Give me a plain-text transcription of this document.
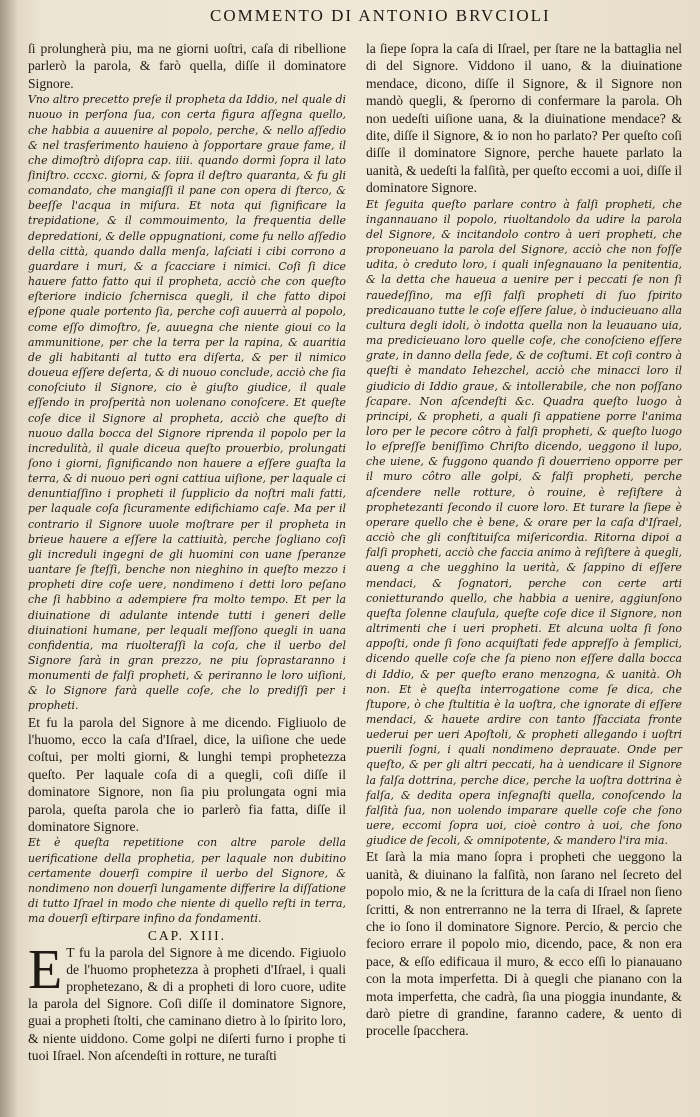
COMMENTO DI ANTONIO BRVCIOLI

ſi prolungherà piu, ma ne giorni uoſtri, caſa di ribellione parlerò la parola, & farò quella, diſſe il dominatore Signore.

Vno altro precetto preſe il propheta da Iddio, nel quale di nuouo in perſona ſua, con certa figura aſſegna quello, che habbia a auuenire al popolo, perche, & nello aſſedio & nel trasferimento hauieno à ſopportare graue fame, il che dimoſtrò diſopra cap. iiii. quando dormì ſopra il lato ſiniſtro. cccxc. giorni, & ſopra il deſtro quaranta, & fu gli comandato, che mangiaſſi il pane con opera di ſterco, & beeſſe l'acqua in miſura. Et nota qui ſignificare la trepidatione, & il commouimento, la frequentia delle depredationi, & delle oppugnationi, come fu nello aſſedio della città, quando dalla menſa, laſciati i cibi corrono a guardare i muri, & a ſcacciare i nimici. Coſi ſi dice hauere fatto fatto qui il propheta, acciò che con queſto eſteriore indicio ſchernisca quegli, il che fatto dipoi eſpone quale portento ſia, perche coſi auuerrà al popolo, come eſſo dimoſtro, ſe, auuegna che niente gioui co la ammunitione, per che la terra per la rapina, & auaritia de gli habitanti al tutto era diſerta, & per il nimico doueua eſſere deſerta, & di nuouo conclude, acciò che ſia conoſciuto il Signore, cio è giuſto giudice, il quale eſſendo in proſperità non uolenano conoſcere. Et queſte coſe dice il Signore al propheta, acciò che queſto di nuouo dalla bocca del Signore riprenda il popolo per la incredulità, il quale diceua queſto prouerbio, prolungati ſono i giorni, ſignificando non hauere a eſſere guaſta la terra, & di nuouo peri ogni cattiua uiſione, per laquale ci denuntiaſſino i propheti il ſupplicio da noſtri mali fatti, per laquale coſa ſicuramente edifichiamo caſe. Ma per il contrario il Signore uuole moſtrare per il propheta in brieue hauere a eſſere la cattiuità, perche ſogliano coſi gli increduli ingegni de gli huomini con uane ſperanze uantare ſe ſteſſi, benche non nieghino in queſto mezzo i propheti dire coſe uere, nondimeno i detti loro peſano che ſi habbino a adempiere fra molto tempo. Et per la diuinatione di adulante intende tutti i generi delle diuinationi humane, per lequali meſſono quegli in uana confidentia, ma riuolteraſſi la coſa, che il uerbo del Signore ſarà in gran prezzo, ne piu ſoprastaranno i monumenti de falſi propheti, & periranno le loro uiſioni, & lo Signore farà quelle coſe, che lo prediſſi per i propheti.

Et fu la parola del Signore à me dicendo. Figliuolo de l'huomo, ecco la caſa d'Iſrael, dice, la uiſione che uede coſtui, per molti giorni, & lunghi tempi prophetezza queſto. Per laquale coſa di a quegli, coſi diſſe il dominatore Signore, non ſia piu prolungata ogni mia parola, queſta parola che io parlerò fia fatta, diſſe il dominatore Signore.

Et è queſta repetitione con altre parole della uerificatione della prophetia, per laquale non dubitino certamente douerſi compire il uerbo del Signore, & nondimeno non douerſi lungamente differire la diſſatione di tutto Iſrael in modo che niente di quello reſti in terra, ma douerſi eſtirpare infino da fondamenti.

CAP. XIII.

E T fu la parola del Signore à me dicendo. Figiuolo de l'huomo prophetezza à propheti d'Iſrael, i quali prophetezano, & di a propheti di loro cuore, udite la parola del Signore. Coſi diſſe il dominatore Signore, guai a propheti ſtolti, che caminano dietro à lo ſpirito loro, & niente uiddono. Come golpi ne diſerti furno i prophe ti tuoi Iſrael. Non aſcendeſti in rotture, ne turaſti

la ſiepe ſopra la caſa di Iſrael, per ſtare ne la battaglia nel di del Signore. Viddono il uano, & la diuinatione mendace, dicono, diſſe il Signore, & il Signore non mandò quegli, & ſperorno di confermare la parola. Oh non uedeſti uiſione uana, & la diuinatione mendace? & dite, diſſe il Signore, & io non ho parlato? Per queſto coſi diſſe il dominatore Signore, perche hauete parlato la uanità, & uedeſti la falſità, per queſto eccomi a uoi, diſſe il dominatore Signore.

Et ſeguita queſto parlare contro à falſi propheti, che ingannauano il popolo, riuoltandolo da udire la parola del Signore, & incitandolo contro à ueri propheti, che proponeuano la parola del Signore, acciò che non foſſe udita, ò creduto loro, i quali inſegnauano la penitentia, & la detta che haueua a uenire per i peccati ſe non ſi rauedeſſino, ma eſſi falſi propheti di ſuo ſpirito predicauano tutte le coſe eſſere ſalue, ò inducieuano alla cultura degli idoli, ò indotta quella non la leuauano uia, ma predicieuano loro quelle coſe, che conoſcieno eſſere grate, in danno della ſede, & de coſtumi. Et coſi contro à queſti è mandato Iehezchel, acciò che minacci loro il giudicio di Iddio graue, & intollerabile, che non poſſano ſcapare. Non aſcendeſti &c. Quadra queſto luogo à principi, & propheti, a quali ſi appatiene porre l'anima loro per le pecore côtro à falſi propheti, & queſto luogo lo eſpreſſe beniſſimo Chriſto dicendo, ueggono il lupo, che uiene, & fuggono quando ſi douerrieno opporre per il muro côtro alle golpi, & falſi propheti, perche aſcendere nelle rotture, ò rouine, è reſiſtere à prophetezanti ſecondo il cuore loro. Et turare la ſiepe è operare quello che è bene, & orare per la caſa d'Iſrael, acciò che gli conſtituiſca miſericordia. Ritorna dipoi a falſi propheti, acciò che faccia animo à reſiſtere à quegli, aueng a che uegghino la uerità, & ſappino di eſſere mendaci, & ſognatori, perche con certe arti conietturando quello, che habbia a uenire, aggiunſono queſta ſolenne clauſula, queſte coſe dice il Signore, non altrimenti che i ueri propheti. Et alcuna uolta ſi ſono appoſti, onde ſi ſono acquiſtati fede appreſſo à ſemplici, dicendo quelle coſe che ſa pieno non eſſere dalla bocca di Iddio, & per queſto erano menzogna, & uanità. Oh non. Et è queſta interrogatione come ſe dica, che ſtupore, ò che ſtultitia è la uoſtra, che ignorate di eſſere mendaci, & hauete ardire con tanto ſfacciata fronte uederui per ueri Apoſtoli, & propheti allegando i uoſtri puerili ſogni, i quali nondimeno deprauate. Onde per queſto, & per gli altri peccati, ha à uendicare il Signore la falſa dottrina, perche dice, perche la uoſtra dottrina è falſa, & dedita opera inſegnaſti quella, conoſcendo la falſità ſua, non uolendo imparare quelle coſe che ſono uere, eccomi ſopra uoi, cioè contro à uoi, che ſono giudice de ſecoli, & omnipotente, & mandero l'ira mia.

Et ſarà la mia mano ſopra i propheti che ueggono la uanità, & diuinano la falſità, non ſarano nel ſecreto del popolo mio, & ne la ſcrittura de la caſa di Iſrael non ſieno ſcritti, & non entrerranno ne la terra di Iſrael, & ſaprete che io ſono il dominatore Signore. Percio, & percio che fecioro errare il popolo mio, dicendo, pace, & non era pace, & eſſo edificaua il muro, & ecco eſſi lo pianauano con la mota imperfetta. Di à quegli che pianano con la mota imperfetta, che cadrà, ſia una pioggia inundante, & darò pietre di grandine, faranno cadere, & uento di procelle ſpacchera.
